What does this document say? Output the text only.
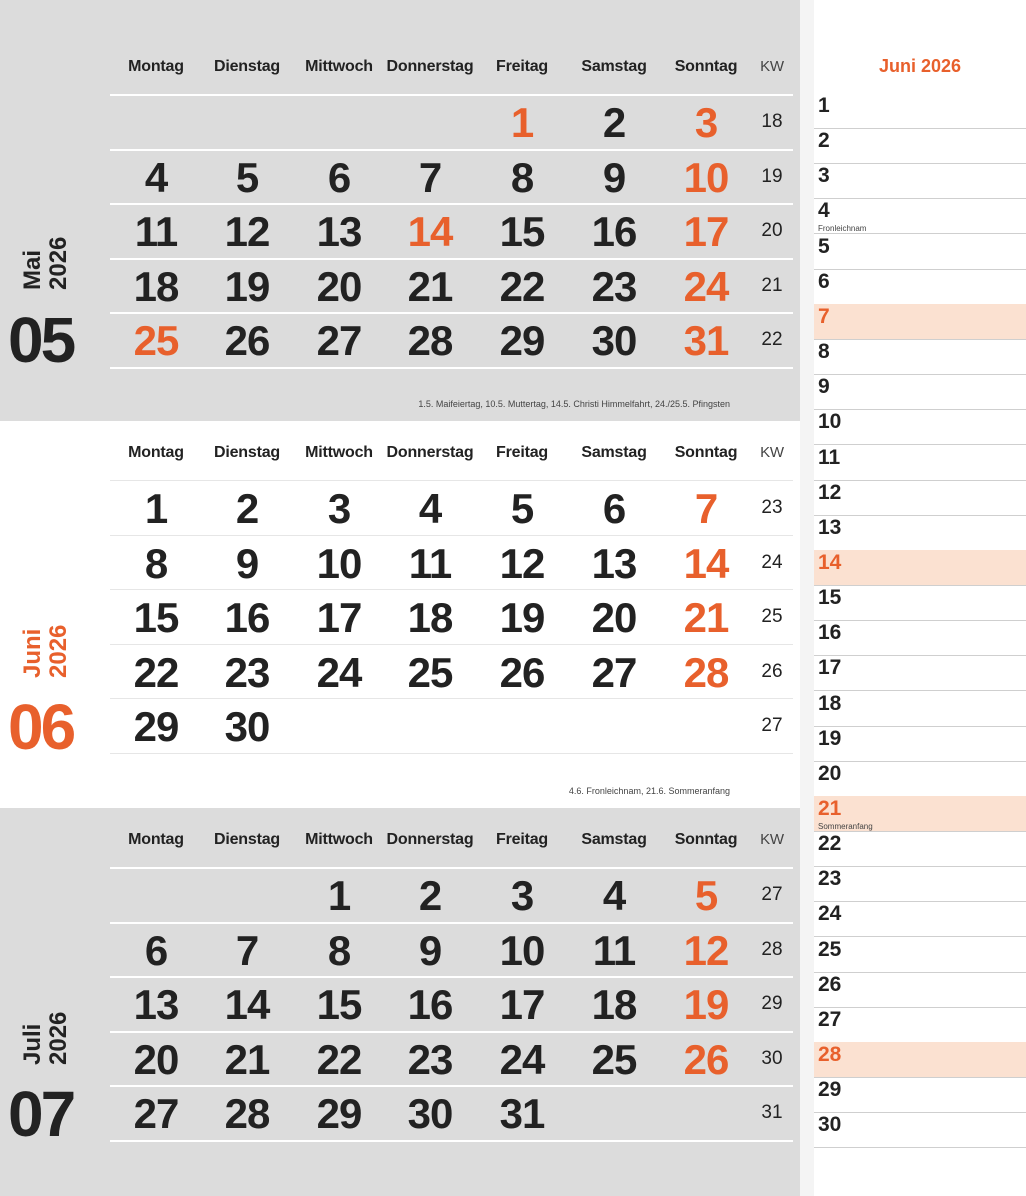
Montag Dienstag Mittwoch Donnerstag Freitag Samstag Sonntag KW
1 2 3 18
4 5 6 7 8 9 10 19
11 12 13 14 15 16 17 20
18 19 20 21 22 23 24 21
25 26 27 28 29 30 31 22
1.5. Maifeiertag, 10.5. Muttertag, 14.5. Christi Himmelfahrt, 24./25.5. Pfingsten
05
Mai 2026
Montag Dienstag Mittwoch Donnerstag Freitag Samstag Sonntag KW
1 2 3 4 5 6 7 23
8 9 10 11 12 13 14 24
15 16 17 18 19 20 21 25
22 23 24 25 26 27 28 26
29 30	27
4.6. Fronleichnam, 21.6. Sommeranfang
06
Juni 2026
Montag Dienstag Mittwoch Donnerstag Freitag Samstag Sonntag KW
1 2 3 4 5 27
6 7 8 9 10 11 12 28
13 14 15 16 17 18 19 29
20 21 22 23 24 25 26 30
27 28 29 30 31	31
07
Juli 2026
Juni 2026
1
2
3
4
Fronleichnam
5
6
7
8
9
10
11
12
13
14
15
16
17
18
19
20
21
Sommeranfang
22
23
24
25
26
27
28
29
30
